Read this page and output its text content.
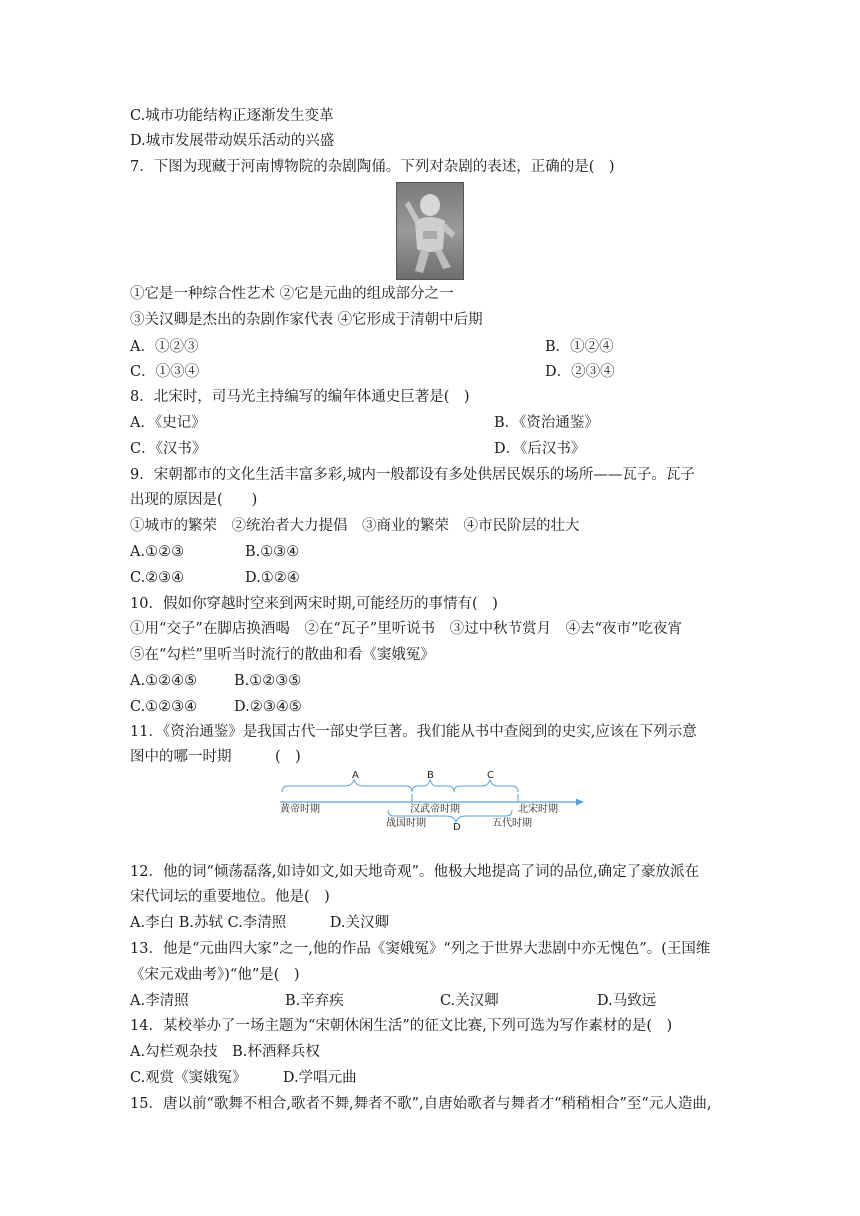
C.城市功能结构正逐渐发生变革
D.城市发展带动娱乐活动的兴盛
7．下图为现藏于河南博物院的杂剧陶俑。下列对杂剧的表述，正确的是(　)
①它是一种综合性艺术 ②它是元曲的组成部分之一
③关汉卿是杰出的杂剧作家代表 ④它形成于清朝中后期
A．①②③	B．①②④
C．①③④	D．②③④
8．北宋时，司马光主持编写的编年体通史巨著是(　)
A．《史记》	B．《资治通鉴》
C．《汉书》	D．《后汉书》
9．宋朝都市的文化生活丰富多彩,城内一般都设有多处供居民娱乐的场所——瓦子。瓦子
出现的原因是(　　)
①城市的繁荣　②统治者大力提倡　③商业的繁荣　④市民阶层的壮大
A.①②③	B.①③④
C.②③④	D.①②④
10．假如你穿越时空来到两宋时期,可能经历的事情有(　)
①用“交子”在脚店换酒喝　②在“瓦子”里听说书　③过中秋节赏月　④去“夜市”吃夜宵
⑤在“勾栏”里听当时流行的散曲和看《窦娥冤》
A.①②④⑤	B.①②③⑤
C.①②③④	D.②③④⑤
11．《资治通鉴》是我国古代一部史学巨著。我们能从书中查阅到的史实,应该在下列示意
图中的哪一时期　　　(　)
A	B	C
D
黄帝时期	汉武帝时期	北宋时期
战国时期	五代时期
12．他的词“倾荡磊落,如诗如文,如天地奇观”。他极大地提高了词的品位,确定了豪放派在
宋代词坛的重要地位。他是(　)
A.李白 B.苏轼 C.李清照　　　D.关汉卿
13．他是“元曲四大家”之一,他的作品《窦娥冤》“列之于世界大悲剧中亦无愧色”。(王国维
《宋元戏曲考》)“他”是(　)
A.李清照	B.辛弃疾	C.关汉卿	D.马致远
14．某校举办了一场主题为“宋朝休闲生活”的征文比赛,下列可选为写作素材的是(　)
A.勾栏观杂技　B.杯酒释兵权
C.观赏《窦娥冤》　　　D.学唱元曲
15．唐以前“歌舞不相合,歌者不舞,舞者不歌”,自唐始歌者与舞者才“稍稍相合”至“元人造曲,
